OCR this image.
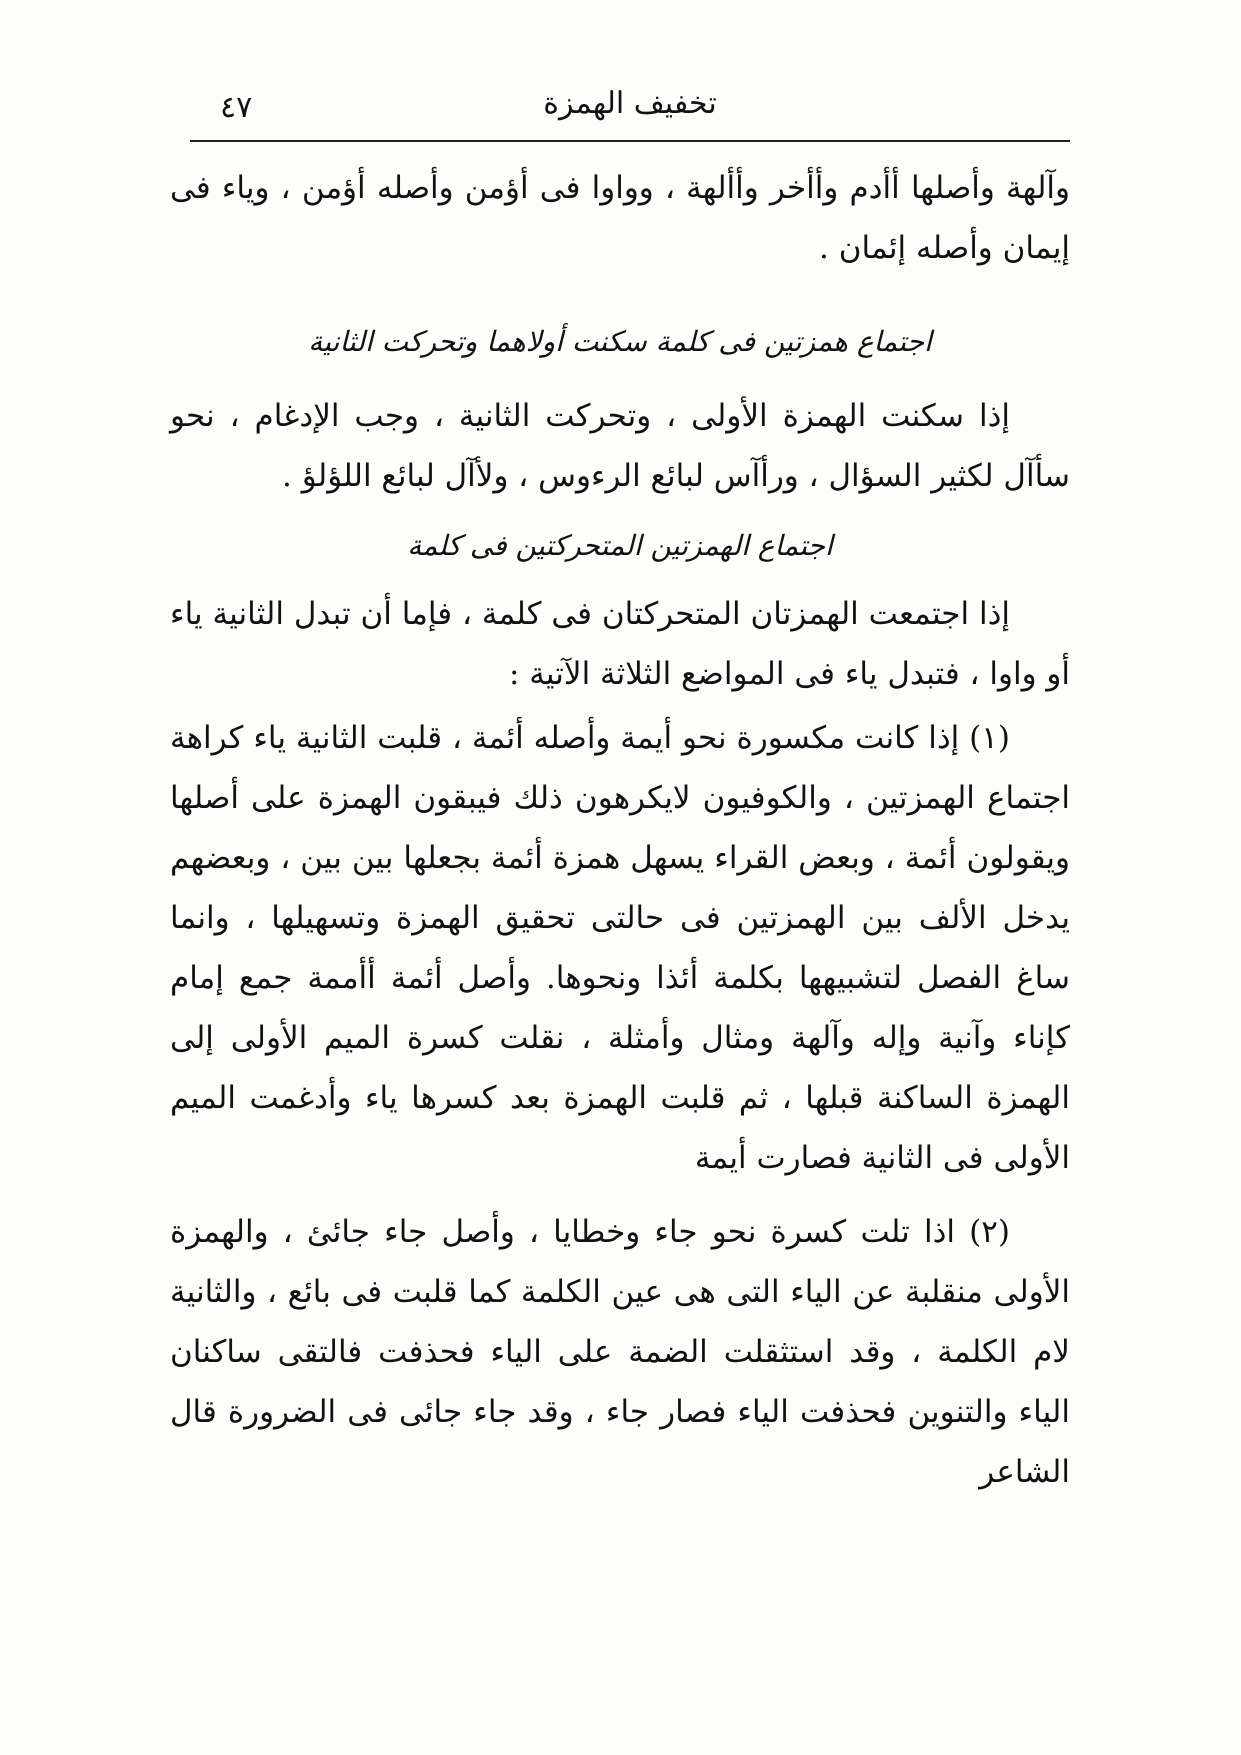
٤٧	تخفيف الهمزة

وآلهة وأصلها أأدم وأأخر وأألهة ، وواوا فى أؤمن وأصله أؤمن ، وياء فى إيمان وأصله إئمان .

اجتماع همزتين فى كلمة سكنت أولاهما وتحركت الثانية

إذا سكنت الهمزة الأولى ، وتحركت الثانية ، وجب الإدغام ، نحو سأآل لكثير السؤال ، ورأآس لبائع الرءوس ، ولأآل لبائع اللؤلؤ .

اجتماع الهمزتين المتحركتين فى كلمة

إذا اجتمعت الهمزتان المتحركتان فى كلمة ، فإما أن تبدل الثانية ياء أو واوا ، فتبدل ياء فى المواضع الثلاثة الآتية :

(١) إذا كانت مكسورة نحو أيمة وأصله أئمة ، قلبت الثانية ياء كراهة اجتماع الهمزتين ، والكوفيون لايكرهون ذلك فيبقون الهمزة على أصلها ويقولون أئمة ، وبعض القراء يسهل همزة أئمة بجعلها بين بين ، وبعضهم يدخل الألف بين الهمزتين فى حالتى تحقيق الهمزة وتسهيلها ، وانما ساغ الفصل لتشبيهها بكلمة أئذا ونحوها. وأصل أئمة أأممة جمع إمام كإناء وآنية وإله وآلهة ومثال وأمثلة ، نقلت كسرة الميم الأولى إلى الهمزة الساكنة قبلها ، ثم قلبت الهمزة بعد كسرها ياء وأدغمت الميم الأولى فى الثانية فصارت أيمة

(٢) اذا تلت كسرة نحو جاء وخطايا ، وأصل جاء جائئ ، والهمزة الأولى منقلبة عن الياء التى هى عين الكلمة كما قلبت فى بائع ، والثانية لام الكلمة ، وقد استثقلت الضمة على الياء فحذفت فالتقى ساكنان الياء والتنوين فحذفت الياء فصار جاء ، وقد جاء جائى فى الضرورة قال الشاعر
